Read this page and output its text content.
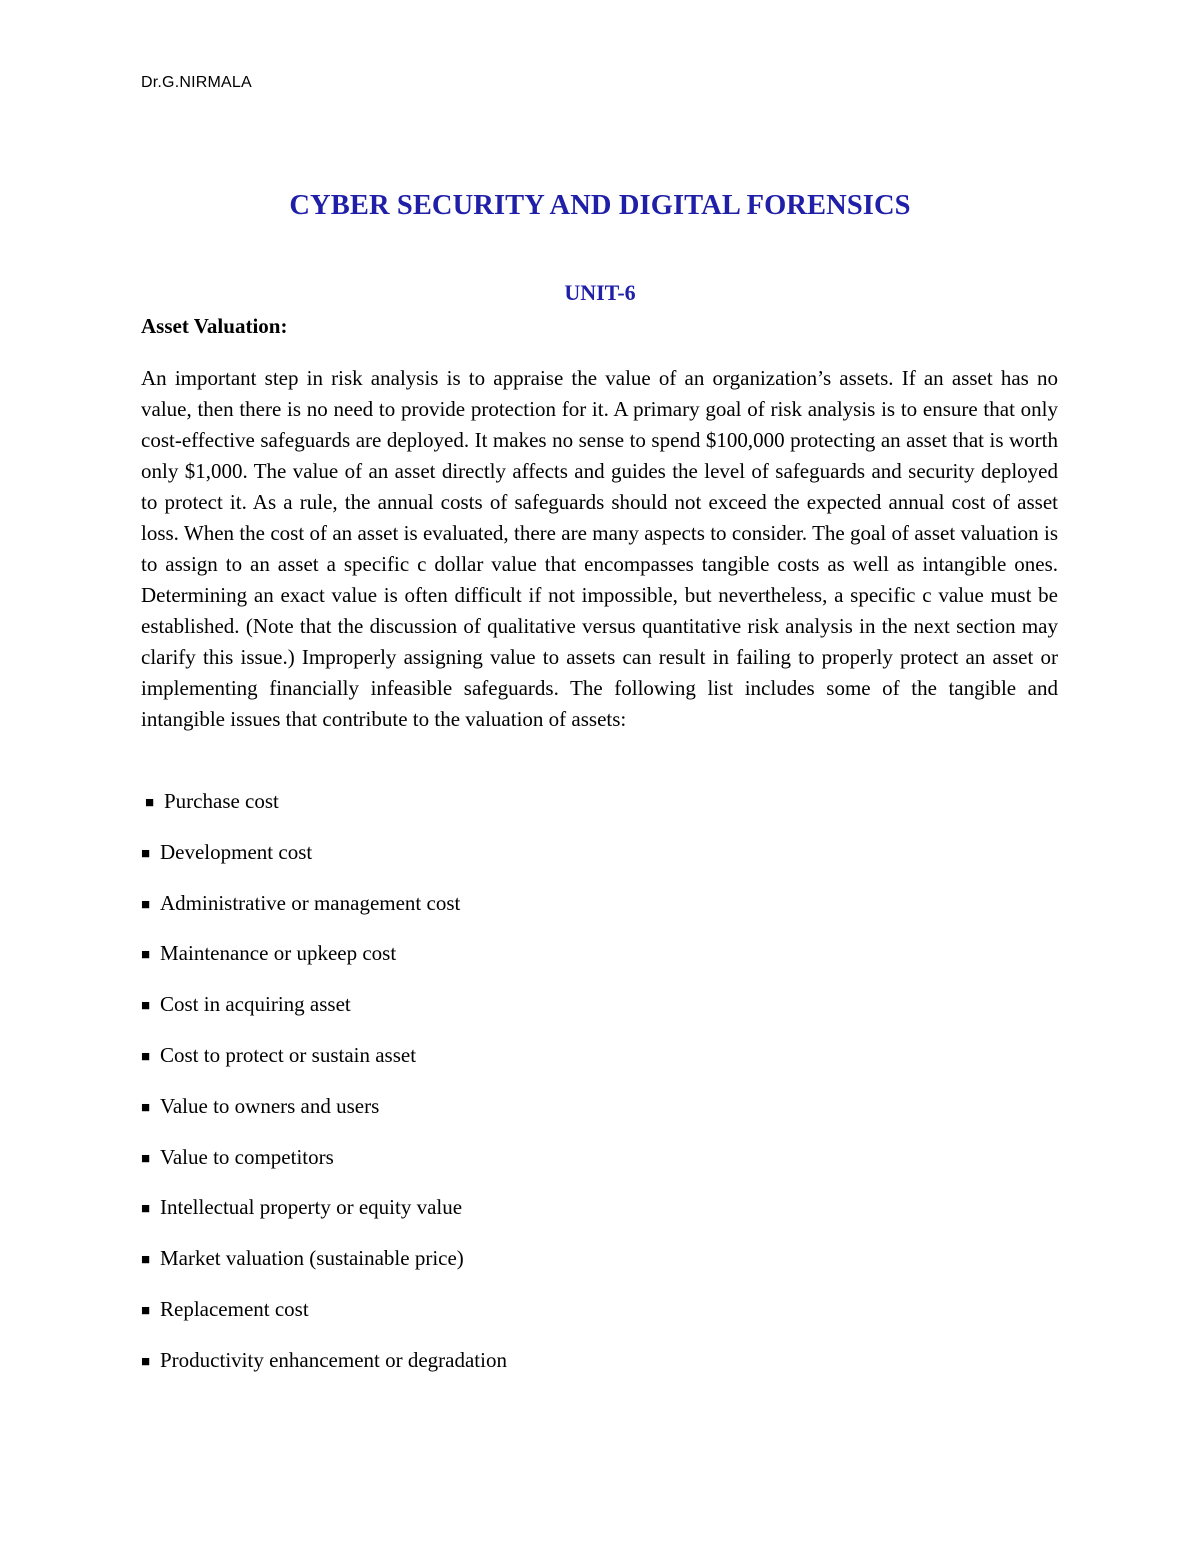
Dr.G.NIRMALA
CYBER SECURITY AND DIGITAL FORENSICS
UNIT-6
Asset Valuation:

An important step in risk analysis is to appraise the value of an organization’s assets. If an asset has no value, then there is no need to provide protection for it. A primary goal of risk analysis is to ensure that only cost-effective safeguards are deployed. It makes no sense to spend $100,000 protecting an asset that is worth only $1,000. The value of an asset directly affects and guides the level of safeguards and security deployed to protect it. As a rule, the annual costs of safeguards should not exceed the expected annual cost of asset loss. When the cost of an asset is evaluated, there are many aspects to consider. The goal of asset valuation is to assign to an asset a specific c dollar value that encompasses tangible costs as well as intangible ones. Determining an exact value is often difficult if not impossible, but nevertheless, a specific c value must be established. (Note that the discussion of qualitative versus quantitative risk analysis in the next section may clarify this issue.) Improperly assigning value to assets can result in failing to properly protect an asset or implementing financially infeasible safeguards. The following list includes some of the tangible and intangible issues that contribute to the valuation of assets:

■ Purchase cost
■ Development cost
■ Administrative or management cost
■ Maintenance or upkeep cost
■ Cost in acquiring asset
■ Cost to protect or sustain asset
■ Value to owners and users
■ Value to competitors
■ Intellectual property or equity value
■ Market valuation (sustainable price)
■ Replacement cost
■ Productivity enhancement or degradation
